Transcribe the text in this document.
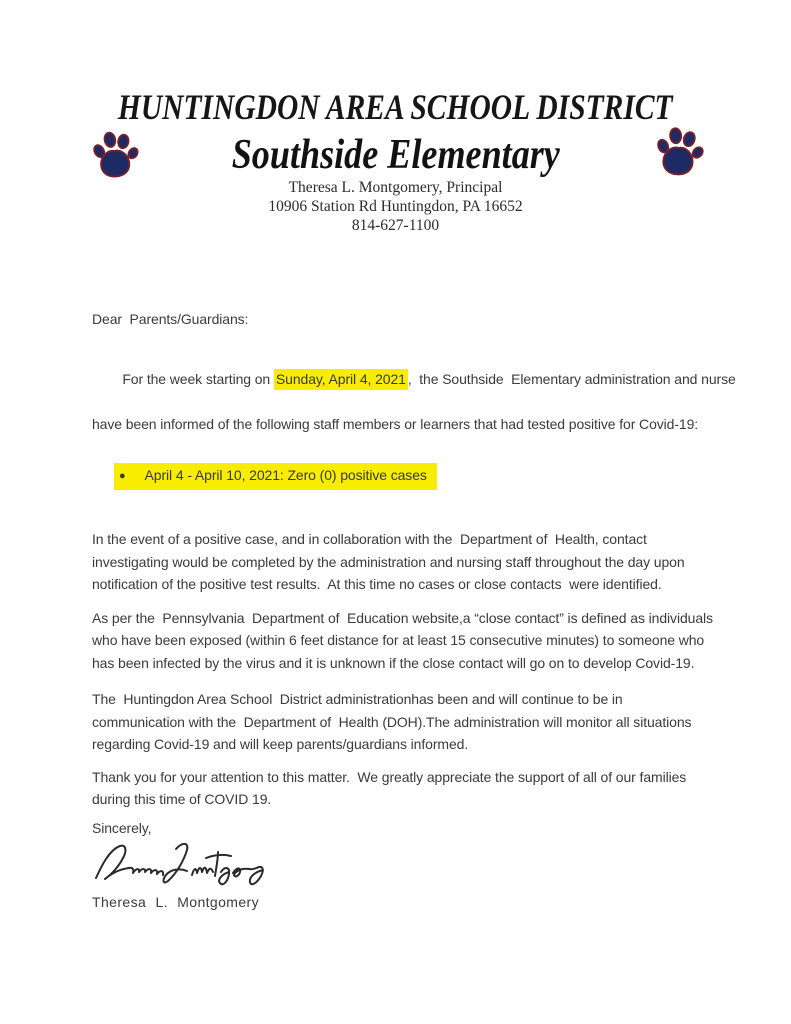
HUNTINGDON AREA SCHOOL DISTRICT
Southside Elementary
Theresa L. Montgomery, Principal
10906 Station Rd Huntingdon, PA 16652
814-627-1100
Dear  Parents/Guardians:

For the week starting on Sunday, April 4, 2021 ,  the Southside  Elementary administration and nurse

have been informed of the following staff members or learners that had tested positive for Covid-19:
● April 4 - April 10, 2021: Zero (0) positive cases
In the event of a positive case, and in collaboration with the  Department of  Health, contact
investigating would be completed by the administration and nursing staff throughout the day upon
notification of the positive test results.  At this time no cases or close contacts  were identified.
As per the  Pennsylvania  Department of  Education website,a “close contact” is defined as individuals
who have been exposed (within 6 feet distance for at least 15 consecutive minutes) to someone who
has been infected by the virus and it is unknown if the close contact will go on to develop Covid-19.
The  Huntingdon Area School  District administrationhas been and will continue to be in
communication with the  Department of  Health (DOH).The administration will monitor all situations
regarding Covid-19 and will keep parents/guardians informed.
Thank you for your attention to this matter.  We greatly appreciate the support of all of our families
during this time of COVID 19.
Sincerely,
Theresa L. Montgomery
